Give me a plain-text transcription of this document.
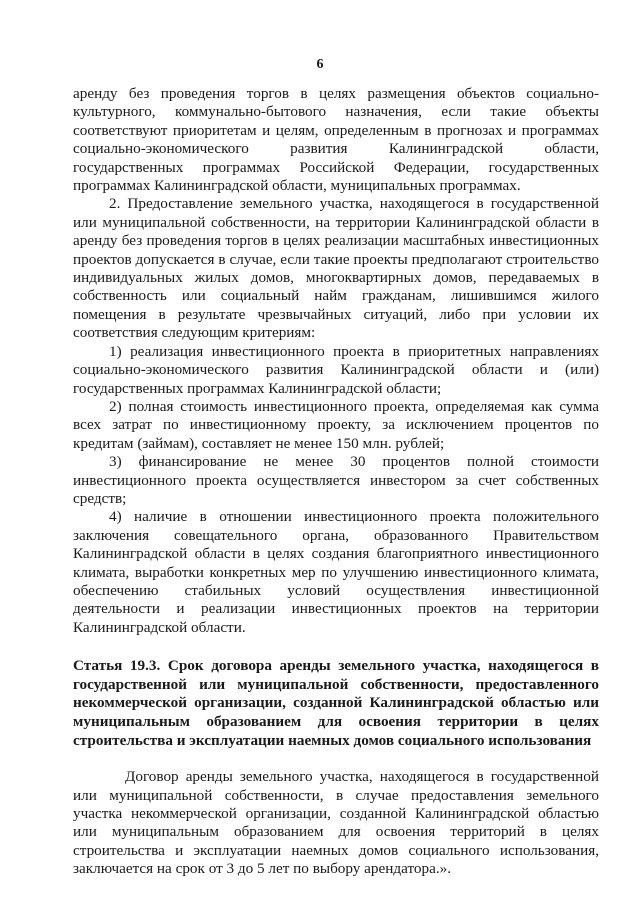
6

аренду без проведения торгов в целях размещения объектов социально-культурного, коммунально-бытового назначения, если такие объекты соответствуют приоритетам и целям, определенным в прогнозах и программах социально-экономического развития Калининградской области, государственных программах Российской Федерации, государственных программах Калининградской области, муниципальных программах.

2. Предоставление земельного участка, находящегося в государственной или муниципальной собственности, на территории Калининградской области в аренду без проведения торгов в целях реализации масштабных инвестиционных проектов допускается в случае, если такие проекты предполагают строительство индивидуальных жилых домов, многоквартирных домов, передаваемых в собственность или социальный найм гражданам, лишившимся жилого помещения в результате чрезвычайных ситуаций, либо при условии их соответствия следующим критериям:

1) реализация инвестиционного проекта в приоритетных направлениях социально-экономического развития Калининградской области и (или) государственных программах Калининградской области;

2) полная стоимость инвестиционного проекта, определяемая как сумма всех затрат по инвестиционному проекту, за исключением процентов по кредитам (займам), составляет не менее 150 млн. рублей;

3) финансирование не менее 30 процентов полной стоимости инвестиционного проекта осуществляется инвестором за счет собственных средств;

4) наличие в отношении инвестиционного проекта положительного заключения совещательного органа, образованного Правительством Калининградской области в целях создания благоприятного инвестиционного климата, выработки конкретных мер по улучшению инвестиционного климата, обеспечению стабильных условий осуществления инвестиционной деятельности и реализации инвестиционных проектов на территории Калининградской области.

Статья 19.3. Срок договора аренды земельного участка, находящегося в государственной или муниципальной собственности, предоставленного некоммерческой организации, созданной Калининградской областью или муниципальным образованием для освоения территории в целях строительства и эксплуатации наемных домов социального использования

Договор аренды земельного участка, находящегося в государственной или муниципальной собственности, в случае предоставления земельного участка некоммерческой организации, созданной Калининградской областью или муниципальным образованием для освоения территорий в целях строительства и эксплуатации наемных домов социального использования, заключается на срок от 3 до 5 лет по выбору арендатора.».
